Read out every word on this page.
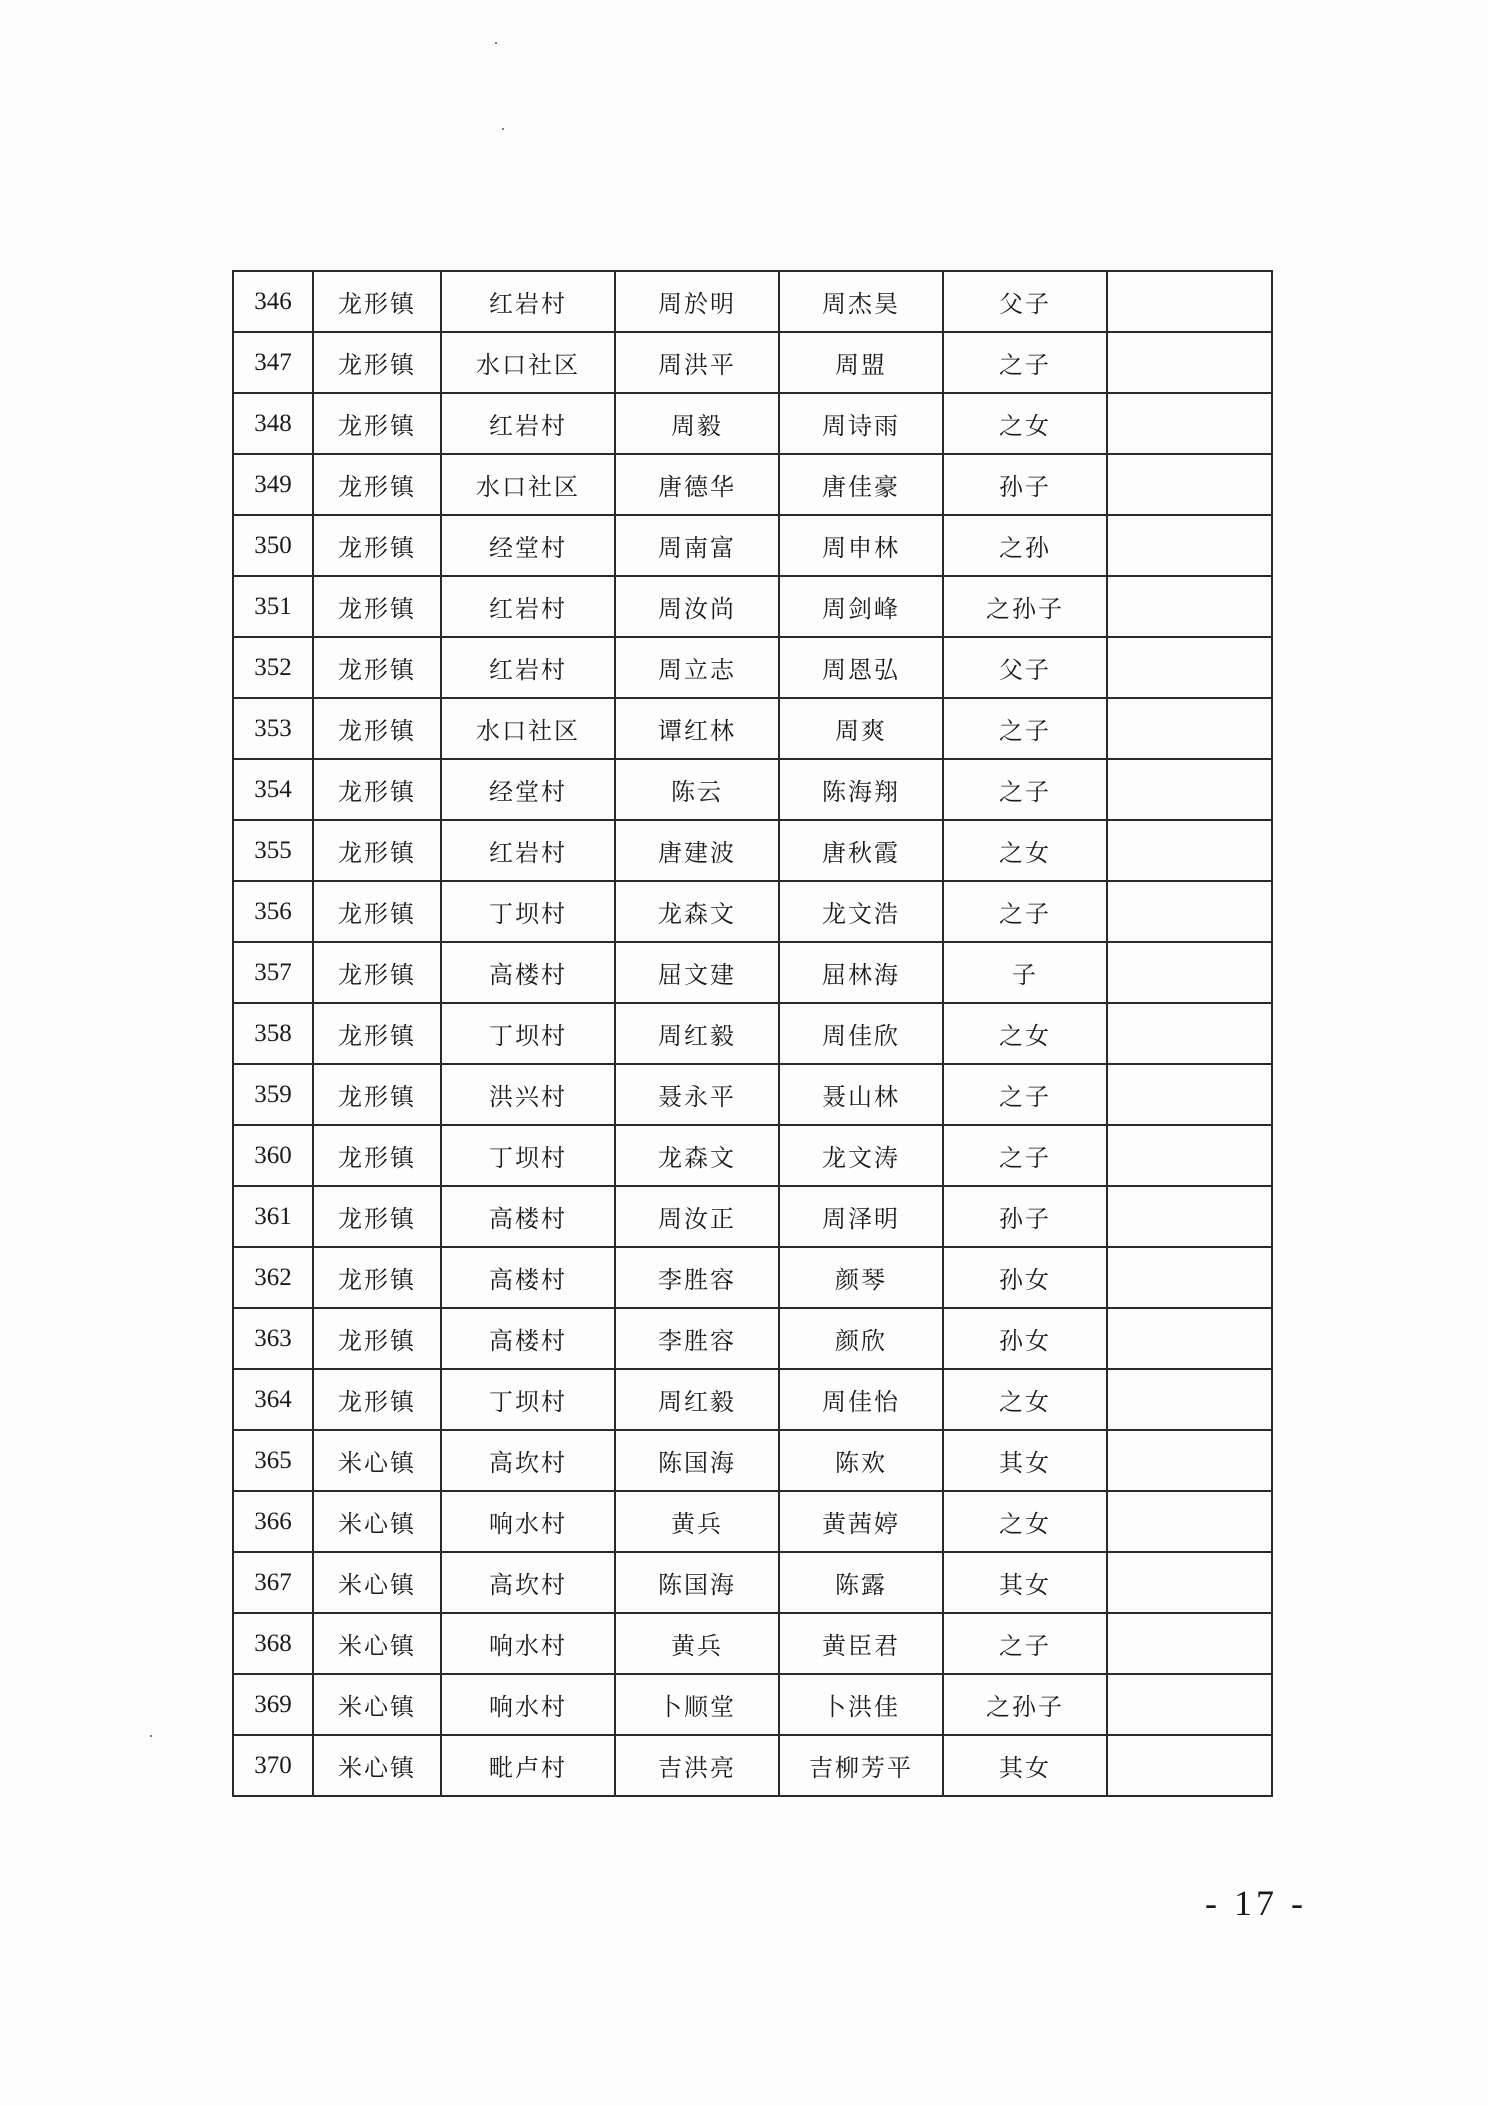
346	龙形镇	红岩村	周於明	周杰昊	父子	
347	龙形镇	水口社区	周洪平	周盟	之子	
348	龙形镇	红岩村	周毅	周诗雨	之女	
349	龙形镇	水口社区	唐德华	唐佳豪	孙子	
350	龙形镇	经堂村	周南富	周申林	之孙	
351	龙形镇	红岩村	周汝尚	周剑峰	之孙子	
352	龙形镇	红岩村	周立志	周恩弘	父子	
353	龙形镇	水口社区	谭红林	周爽	之子	
354	龙形镇	经堂村	陈云	陈海翔	之子	
355	龙形镇	红岩村	唐建波	唐秋霞	之女	
356	龙形镇	丁坝村	龙森文	龙文浩	之子	
357	龙形镇	高楼村	屈文建	屈林海	子	
358	龙形镇	丁坝村	周红毅	周佳欣	之女	
359	龙形镇	洪兴村	聂永平	聂山林	之子	
360	龙形镇	丁坝村	龙森文	龙文涛	之子	
361	龙形镇	高楼村	周汝正	周泽明	孙子	
362	龙形镇	高楼村	李胜容	颜琴	孙女	
363	龙形镇	高楼村	李胜容	颜欣	孙女	
364	龙形镇	丁坝村	周红毅	周佳怡	之女	
365	米心镇	高坎村	陈国海	陈欢	其女	
366	米心镇	响水村	黄兵	黄茜婷	之女	
367	米心镇	高坎村	陈国海	陈露	其女	
368	米心镇	响水村	黄兵	黄臣君	之子	
369	米心镇	响水村	卜顺堂	卜洪佳	之孙子	
370	米心镇	毗卢村	吉洪亮	吉柳芳平	其女	
- 17 -
